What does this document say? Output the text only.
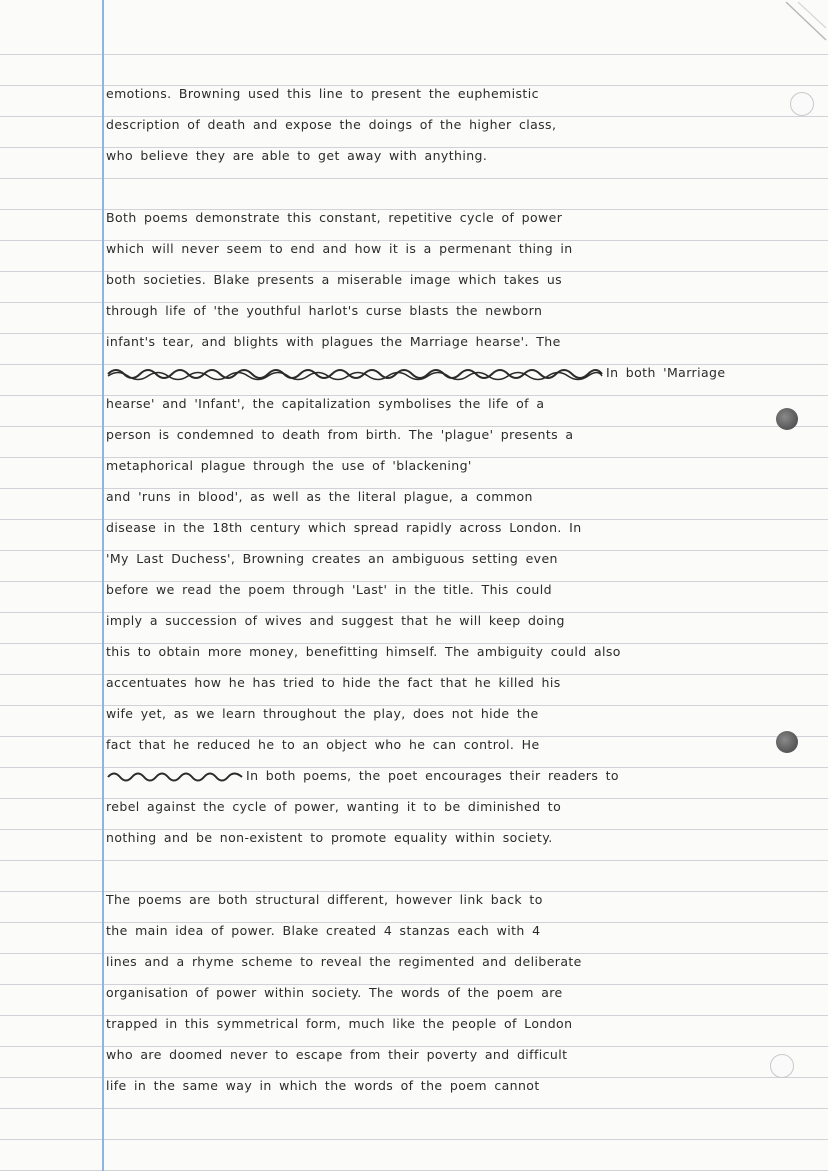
emotions. Browning used this line to present the euphemistic
description of death and expose the doings of the higher class,
who believe they are able to get away with anything.
Both poems demonstrate this constant, repetitive cycle of power
which will never seem to end and how it is a permenant thing in
both societies. Blake presents a miserable image which takes us
through life of 'the youthful harlot's curse blasts the newborn
infant's tear, and blights with plagues the Marriage hearse'. The
In both 'Marriage
hearse' and 'Infant', the capitalization symbolises the life of a
person is condemned to death from birth. The 'plague' presents a
metaphorical plague through the use of 'blackening'
and 'runs in blood', as well as the literal plague, a common
disease in the 18th century which spread rapidly across London. In
'My Last Duchess', Browning creates an ambiguous setting even
before we read the poem through 'Last' in the title. This could
imply a succession of wives and suggest that he will keep doing
this to obtain more money, benefitting himself. The ambiguity could also
accentuates how he has tried to hide the fact that he killed his
wife yet, as we learn throughout the play, does not hide the
fact that he reduced he to an object who he can control. He
In both poems, the poet encourages their readers to
rebel against the cycle of power, wanting it to be diminished to
nothing and be non-existent to promote equality within society.
The poems are both structural different, however link back to
the main idea of power. Blake created 4 stanzas each with 4
lines and a rhyme scheme to reveal the regimented and deliberate
organisation of power within society. The words of the poem are
trapped in this symmetrical form, much like the people of London
who are doomed never to escape from their poverty and difficult
life in the same way in which the words of the poem cannot
